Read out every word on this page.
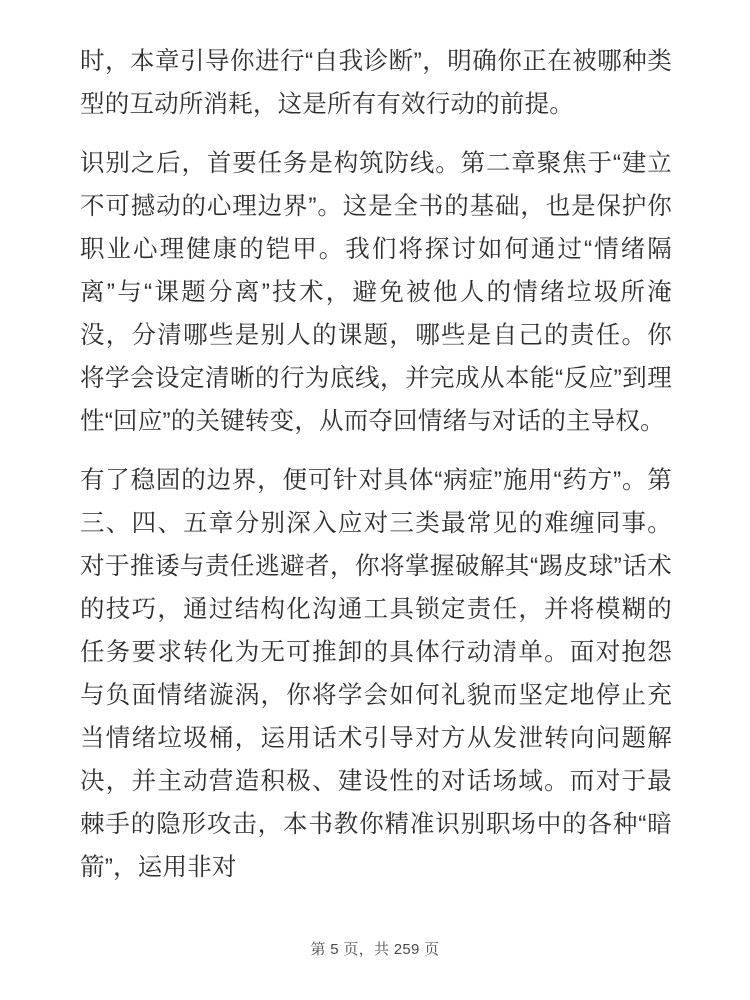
时，本章引导你进行“自我诊断”，明确你正在被哪种类型的互动所消耗，这是所有有效行动的前提。

识别之后，首要任务是构筑防线。第二章聚焦于“建立不可撼动的心理边界”。这是全书的基础，也是保护你职业心理健康的铠甲。我们将探讨如何通过“情绪隔离”与“课题分离”技术，避免被他人的情绪垃圾所淹没，分清哪些是别人的课题，哪些是自己的责任。你将学会设定清晰的行为底线，并完成从本能“反应”到理性“回应”的关键转变，从而夺回情绪与对话的主导权。

有了稳固的边界，便可针对具体“病症”施用“药方”。第三、四、五章分别深入应对三类最常见的难缠同事。对于推诿与责任逃避者，你将掌握破解其“踢皮球”话术的技巧，通过结构化沟通工具锁定责任，并将模糊的任务要求转化为无可推卸的具体行动清单。面对抱怨与负面情绪漩涡，你将学会如何礼貌而坚定地停止充当情绪垃圾桶，运用话术引导对方从发泄转向问题解决，并主动营造积极、建设性的对话场域。而对于最棘手的隐形攻击，本书教你精准识别职场中的各种“暗箭”，运用非对

第 5 页，共 259 页
